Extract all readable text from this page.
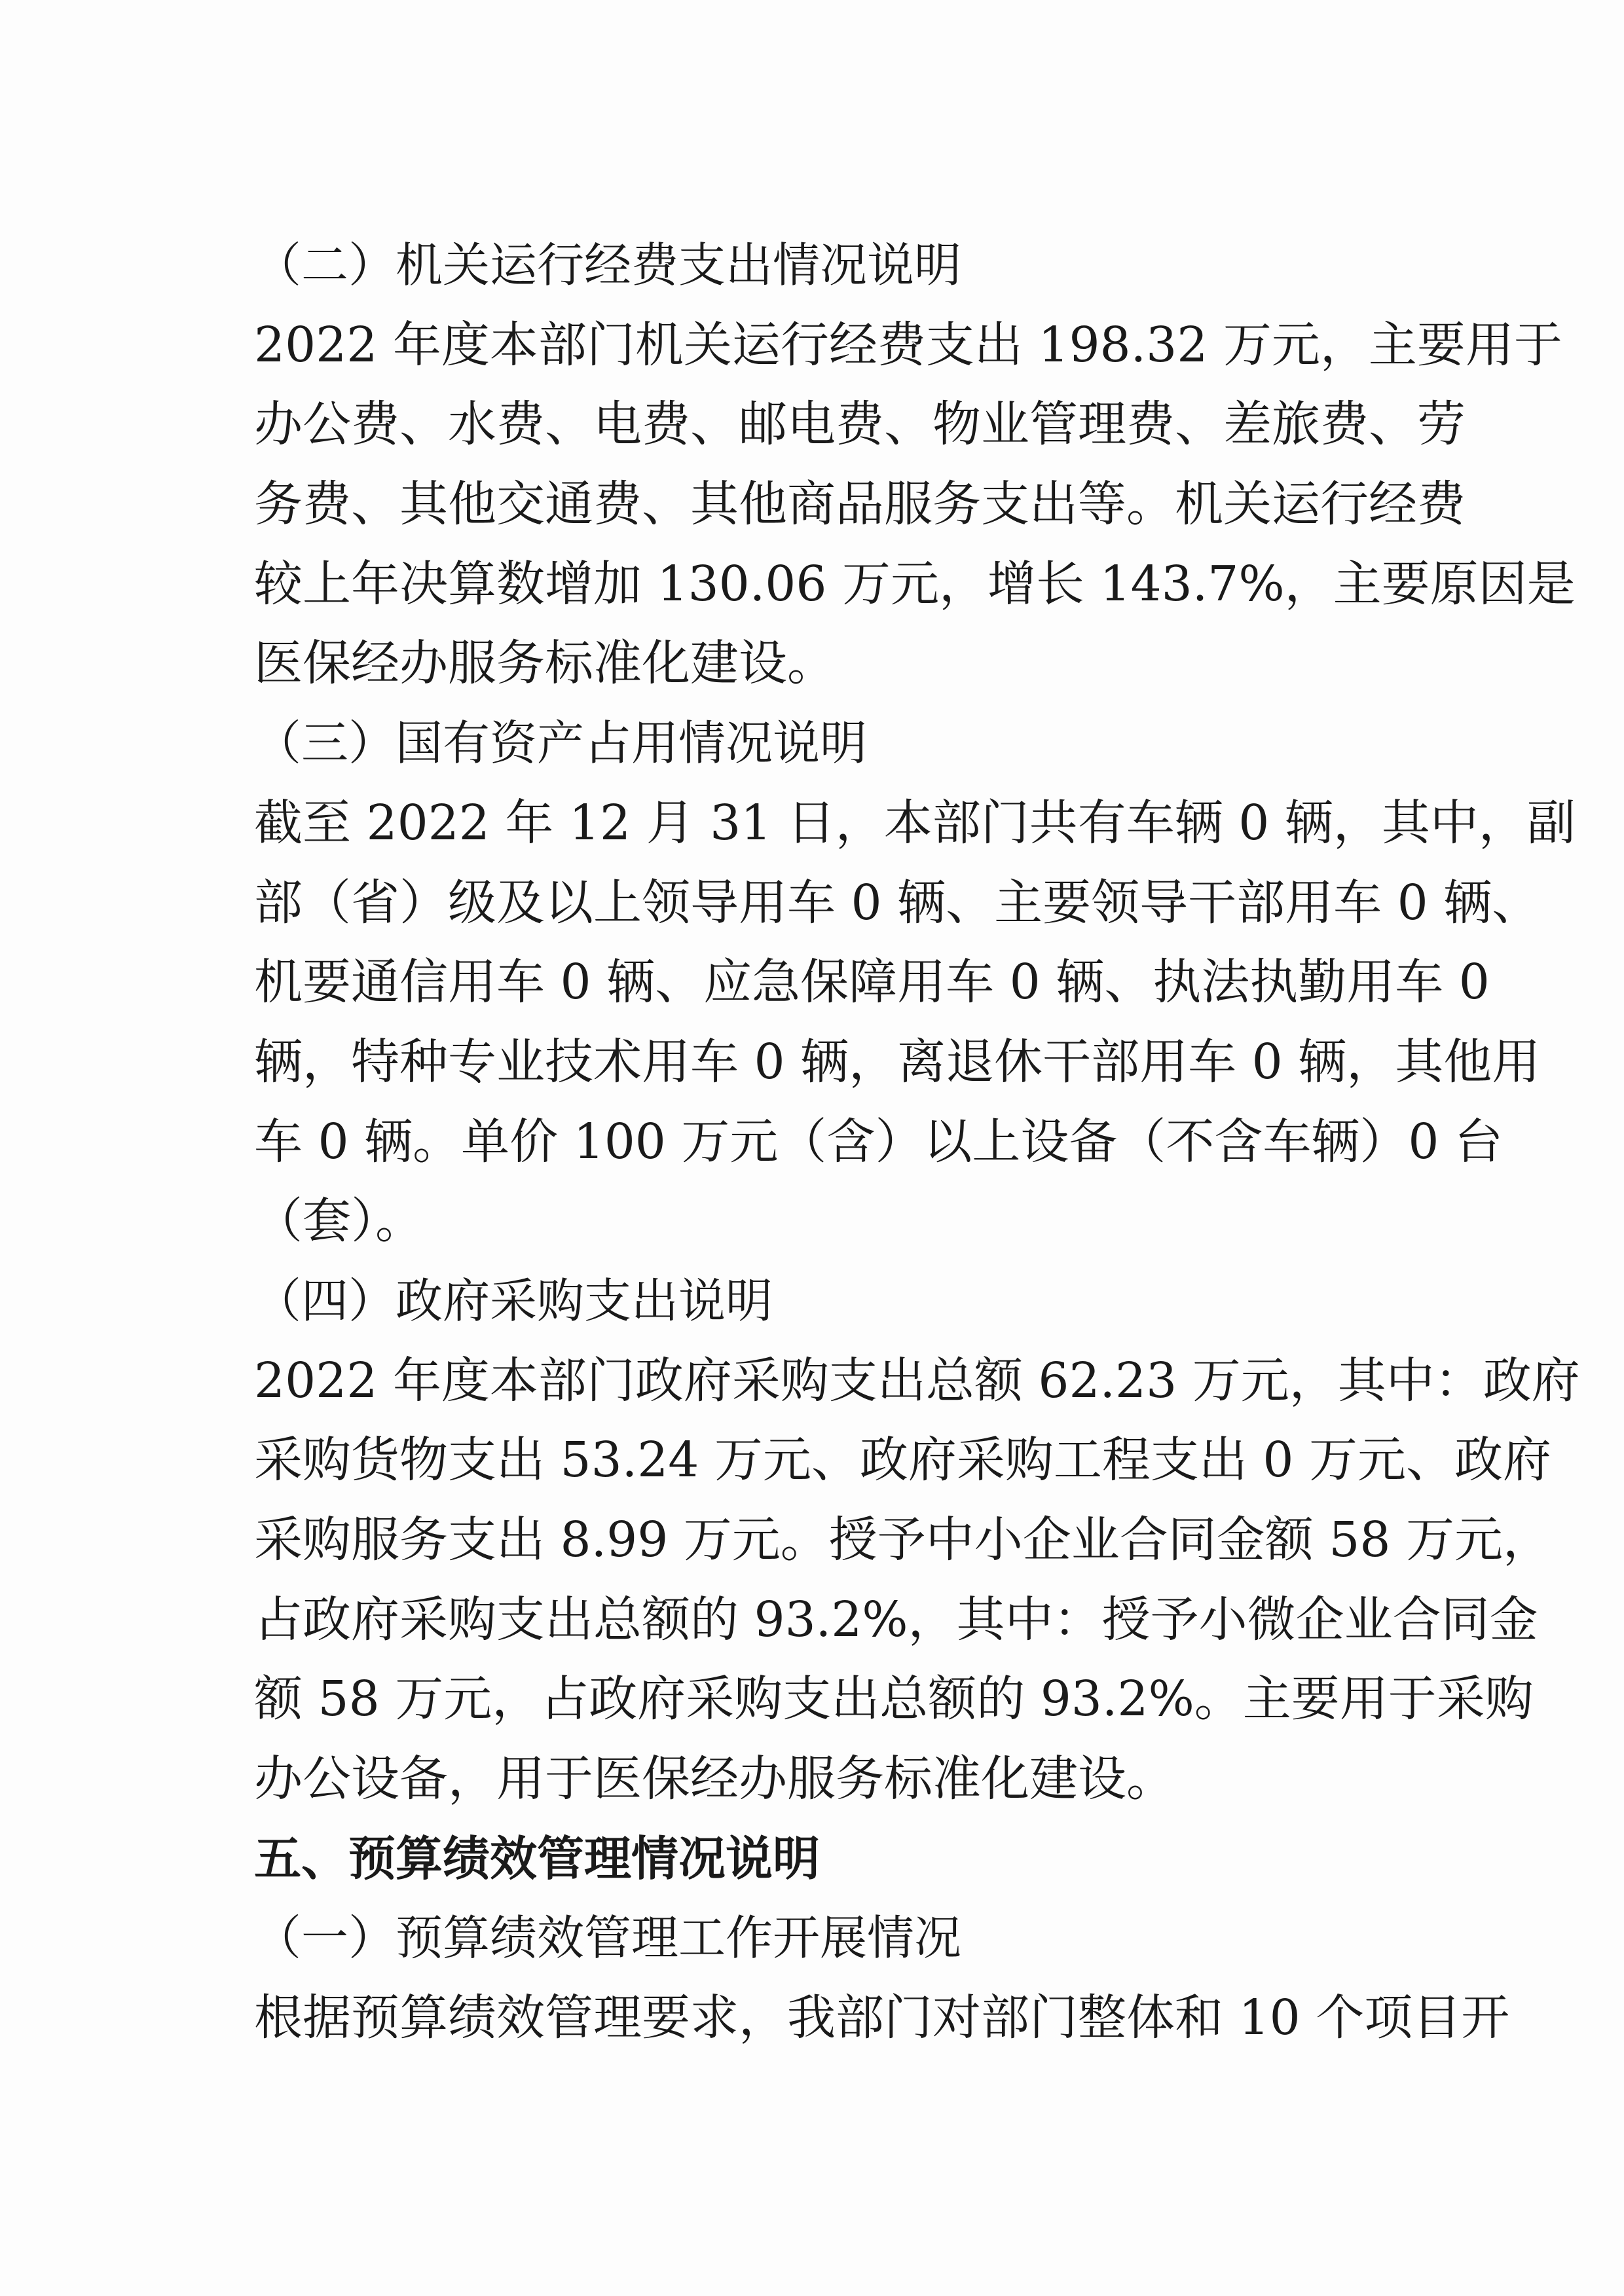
（二）机关运行经费支出情况说明
2022 年度本部门机关运行经费支出 198.32 万元，主要用于
办公费、水费、电费、邮电费、物业管理费、差旅费、劳
务费、其他交通费、其他商品服务支出等。机关运行经费
较上年决算数增加 130.06 万元，增长 143.7%，主要原因是
医保经办服务标准化建设。
（三）国有资产占用情况说明
截至 2022 年 12 月 31 日，本部门共有车辆 0 辆，其中，副
部（省）级及以上领导用车 0 辆、主要领导干部用车 0 辆、
机要通信用车 0 辆、应急保障用车 0 辆、执法执勤用车 0
辆，特种专业技术用车 0 辆，离退休干部用车 0 辆，其他用
车 0 辆。单价 100 万元（含）以上设备（不含车辆）0 台
（套）。
（四）政府采购支出说明
2022 年度本部门政府采购支出总额 62.23 万元，其中：政府
采购货物支出 53.24 万元、政府采购工程支出 0 万元、政府
采购服务支出 8.99 万元。授予中小企业合同金额 58 万元，
占政府采购支出总额的 93.2%，其中：授予小微企业合同金
额 58 万元，占政府采购支出总额的 93.2%。主要用于采购
办公设备，用于医保经办服务标准化建设。
五、预算绩效管理情况说明
（一）预算绩效管理工作开展情况
根据预算绩效管理要求，我部门对部门整体和 10 个项目开
